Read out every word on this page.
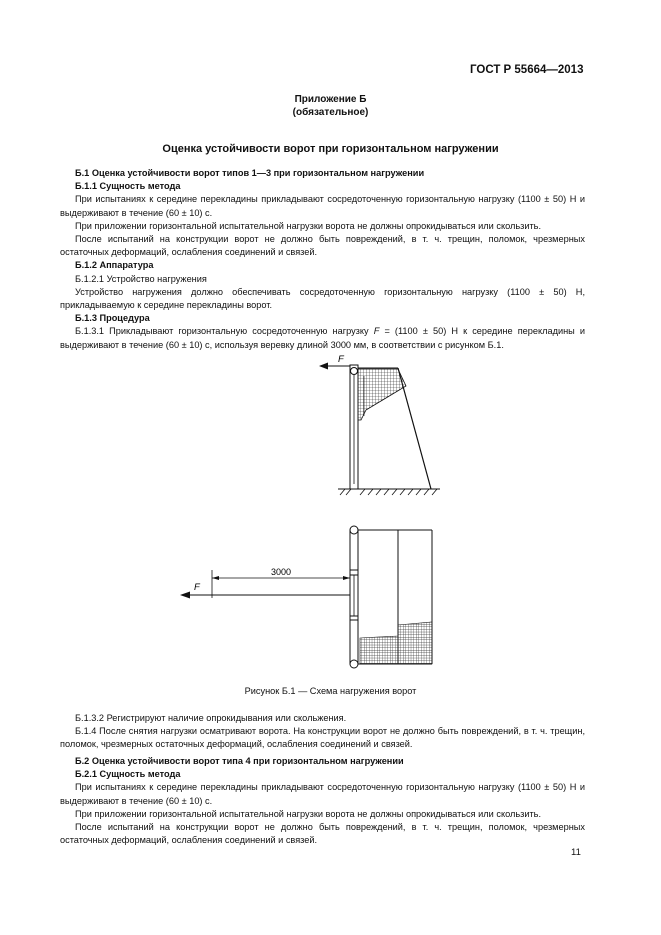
ГОСТ Р 55664—2013
Приложение Б
(обязательное)
Оценка устойчивости ворот при горизонтальном нагружении

Б.1 Оценка устойчивости ворот типов 1—3 при горизонтальном нагружении

Б.1.1 Сущность метода

При испытаниях к середине перекладины прикладывают сосредоточенную горизонтальную нагрузку (1100 ± 50) Н и выдерживают в течение (60 ± 10) с.

При приложении горизонтальной испытательной нагрузки ворота не должны опрокидываться или скользить.

После испытаний на конструкции ворот не должно быть повреждений, в т. ч. трещин, поломок, чрезмерных остаточных деформаций, ослабления соединений и связей.

Б.1.2 Аппаратура

Б.1.2.1 Устройство нагружения

Устройство нагружения должно обеспечивать сосредоточенную горизонтальную нагрузку (1100 ± 50) Н, прикладываемую к середине перекладины ворот.

Б.1.3 Процедура

Б.1.3.1 Прикладывают горизонтальную сосредоточенную нагрузку F = (1100 ± 50) Н к середине перекладины и выдерживают в течение (60 ± 10) с, используя веревку длиной 3000 мм, в соответствии с рисунком Б.1.

F
3000
F
Рисунок Б.1 — Схема нагружения ворот

Б.1.3.2 Регистрируют наличие опрокидывания или скольжения.

Б.1.4 После снятия нагрузки осматривают ворота. На конструкции ворот не должно быть повреждений, в т. ч. трещин, поломок, чрезмерных остаточных деформаций, ослабления соединений и связей.

Б.2 Оценка устойчивости ворот типа 4 при горизонтальном нагружении

Б.2.1 Сущность метода

При испытаниях к середине перекладины прикладывают сосредоточенную горизонтальную нагрузку (1100 ± 50) Н и выдерживают в течение (60 ± 10) с.

При приложении горизонтальной испытательной нагрузки ворота не должны опрокидываться или скользить.

После испытаний на конструкции ворот не должно быть повреждений, в т. ч. трещин, поломок, чрезмерных остаточных деформаций, ослабления соединений и связей.

11
